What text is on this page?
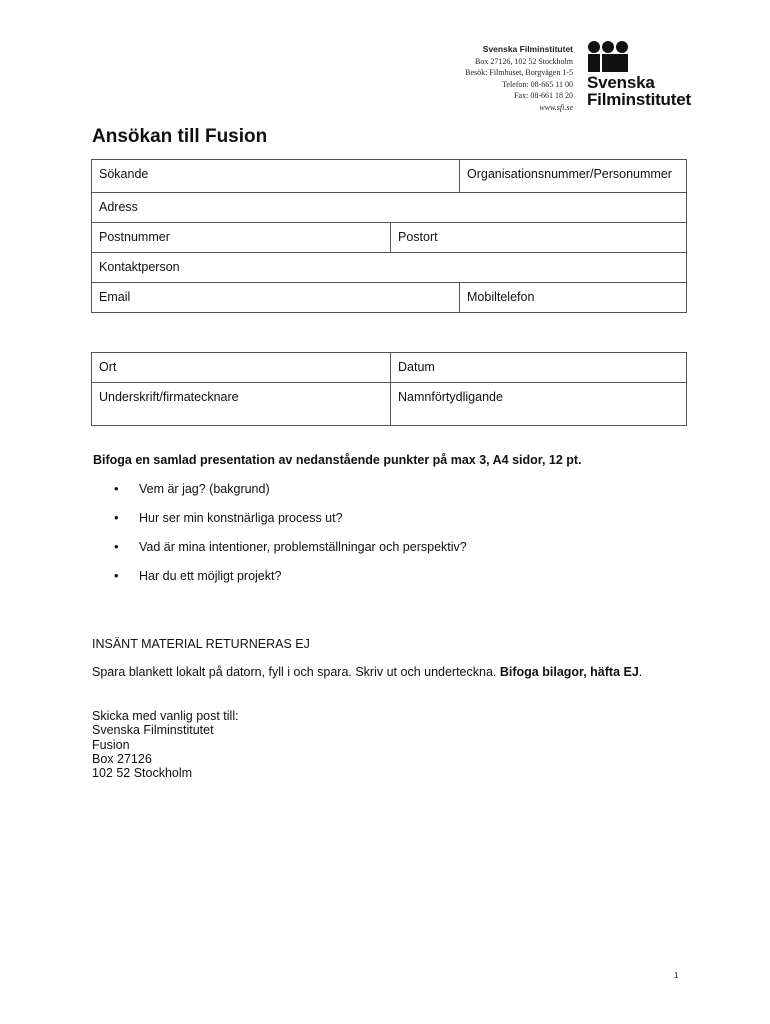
Svenska Filminstitutet
Box 27126, 102 52 Stockholm
Besök: Filmhuset, Borgvägen 1-5
Telefon: 08-665 11 00
Fax: 08-661 18 20
www.sfi.se
Svenska
Filminstitutet
Ansökan till Fusion
Sökande	Organisationsnummer/Personummer
Adress
Postnummer	Postort
Kontaktperson
Email	Mobiltelefon
Ort	Datum
Underskrift/firmatecknare	Namnförtydligande
Bifoga en samlad presentation av nedanstående punkter på max 3, A4 sidor, 12 pt.
• Vem är jag? (bakgrund)
• Hur ser min konstnärliga process ut?
• Vad är mina intentioner, problemställningar och perspektiv?
• Har du ett möjligt projekt?
INSÄNT MATERIAL RETURNERAS EJ
Spara blankett lokalt på datorn, fyll i och spara. Skriv ut och underteckna. Bifoga bilagor, häfta EJ.
Skicka med vanlig post till:
Svenska Filminstitutet
Fusion
Box 27126
102 52 Stockholm
1
